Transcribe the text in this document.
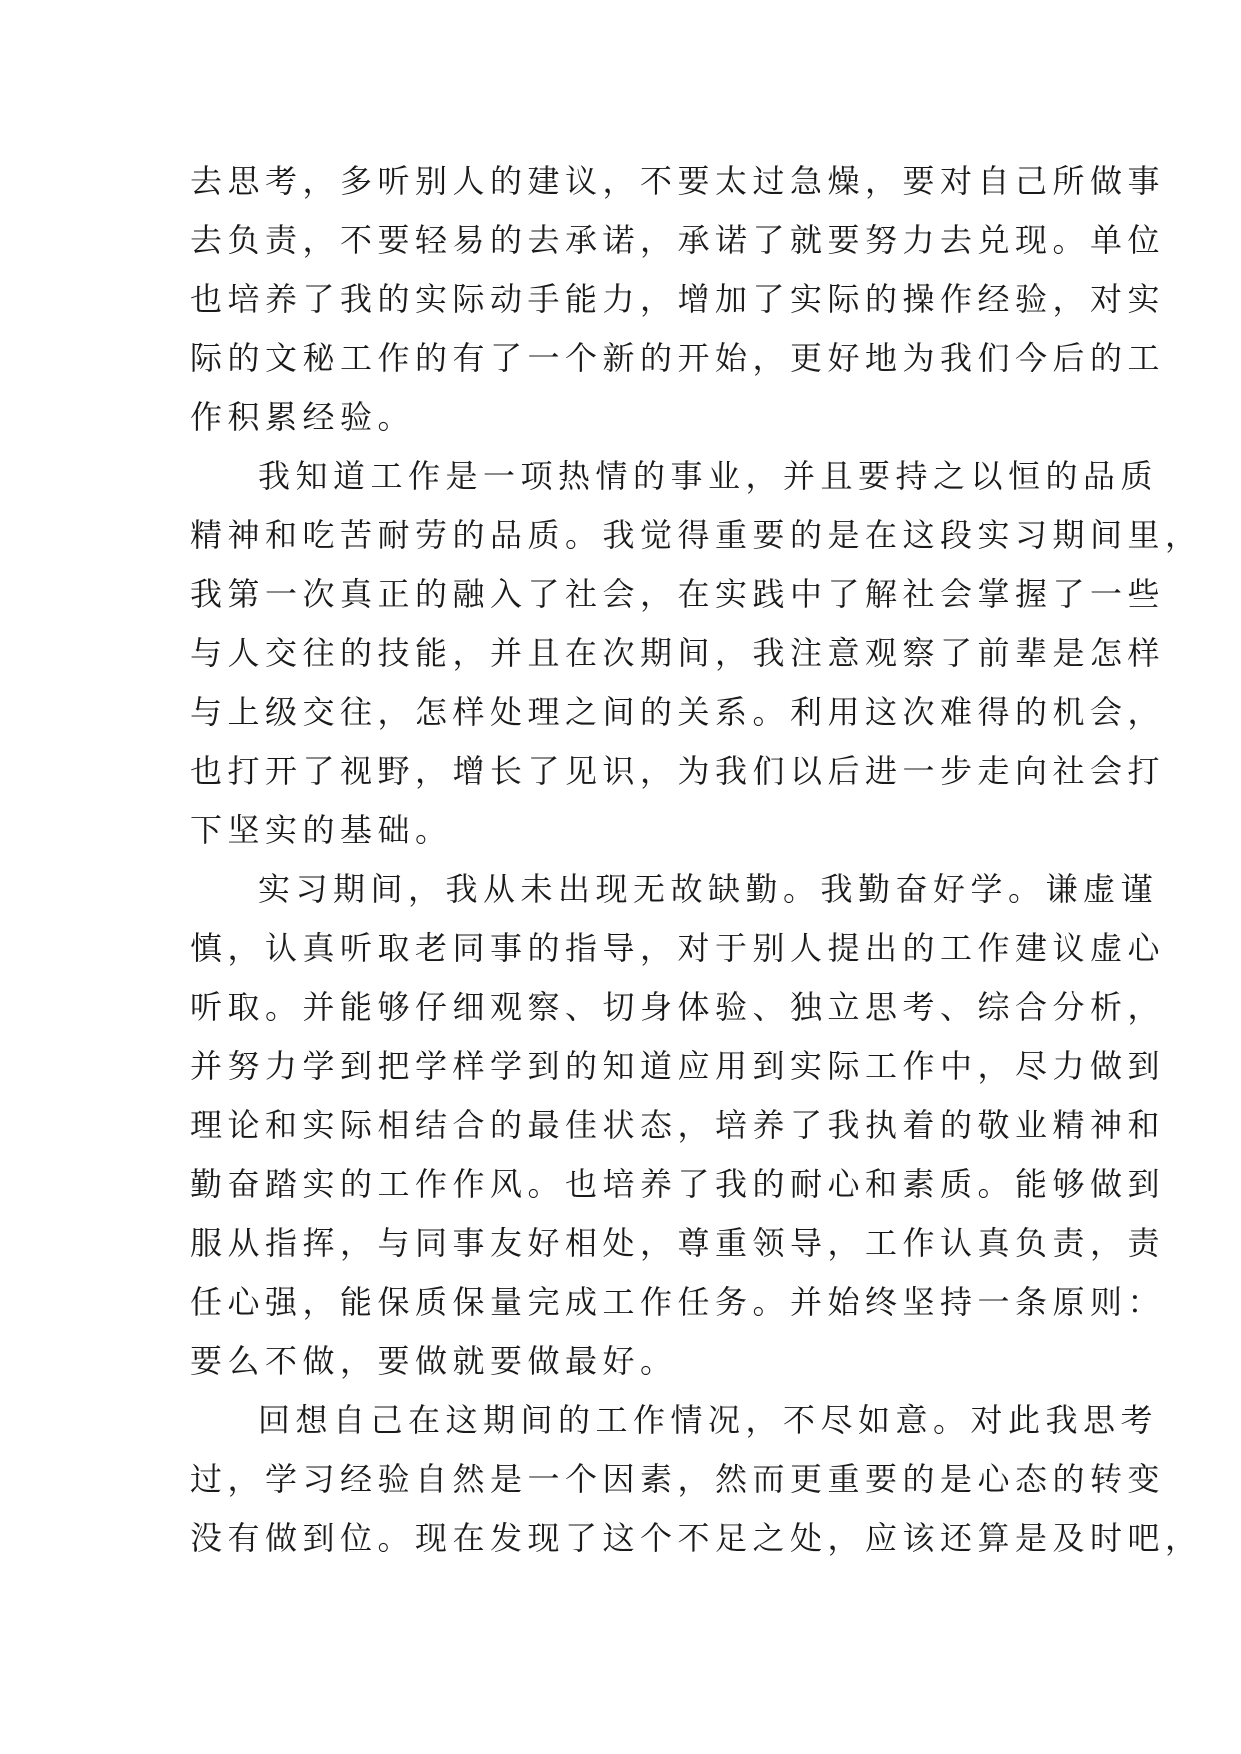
去思考，多听别人的建议，不要太过急燥，要对自己所做事
去负责，不要轻易的去承诺，承诺了就要努力去兑现。单位
也培养了我的实际动手能力，增加了实际的操作经验，对实
际的文秘工作的有了一个新的开始，更好地为我们今后的工
作积累经验。
我知道工作是一项热情的事业，并且要持之以恒的品质
精神和吃苦耐劳的品质。我觉得重要的是在这段实习期间里，
我第一次真正的融入了社会，在实践中了解社会掌握了一些
与人交往的技能，并且在次期间，我注意观察了前辈是怎样
与上级交往，怎样处理之间的关系。利用这次难得的机会，
也打开了视野，增长了见识，为我们以后进一步走向社会打
下坚实的基础。
实习期间，我从未出现无故缺勤。我勤奋好学。谦虚谨
慎，认真听取老同事的指导，对于别人提出的工作建议虚心
听取。并能够仔细观察、切身体验、独立思考、综合分析，
并努力学到把学样学到的知道应用到实际工作中，尽力做到
理论和实际相结合的最佳状态，培养了我执着的敬业精神和
勤奋踏实的工作作风。也培养了我的耐心和素质。能够做到
服从指挥，与同事友好相处，尊重领导，工作认真负责，责
任心强，能保质保量完成工作任务。并始终坚持一条原则：
要么不做，要做就要做最好。
回想自己在这期间的工作情况，不尽如意。对此我思考
过，学习经验自然是一个因素，然而更重要的是心态的转变
没有做到位。现在发现了这个不足之处，应该还算是及时吧，
